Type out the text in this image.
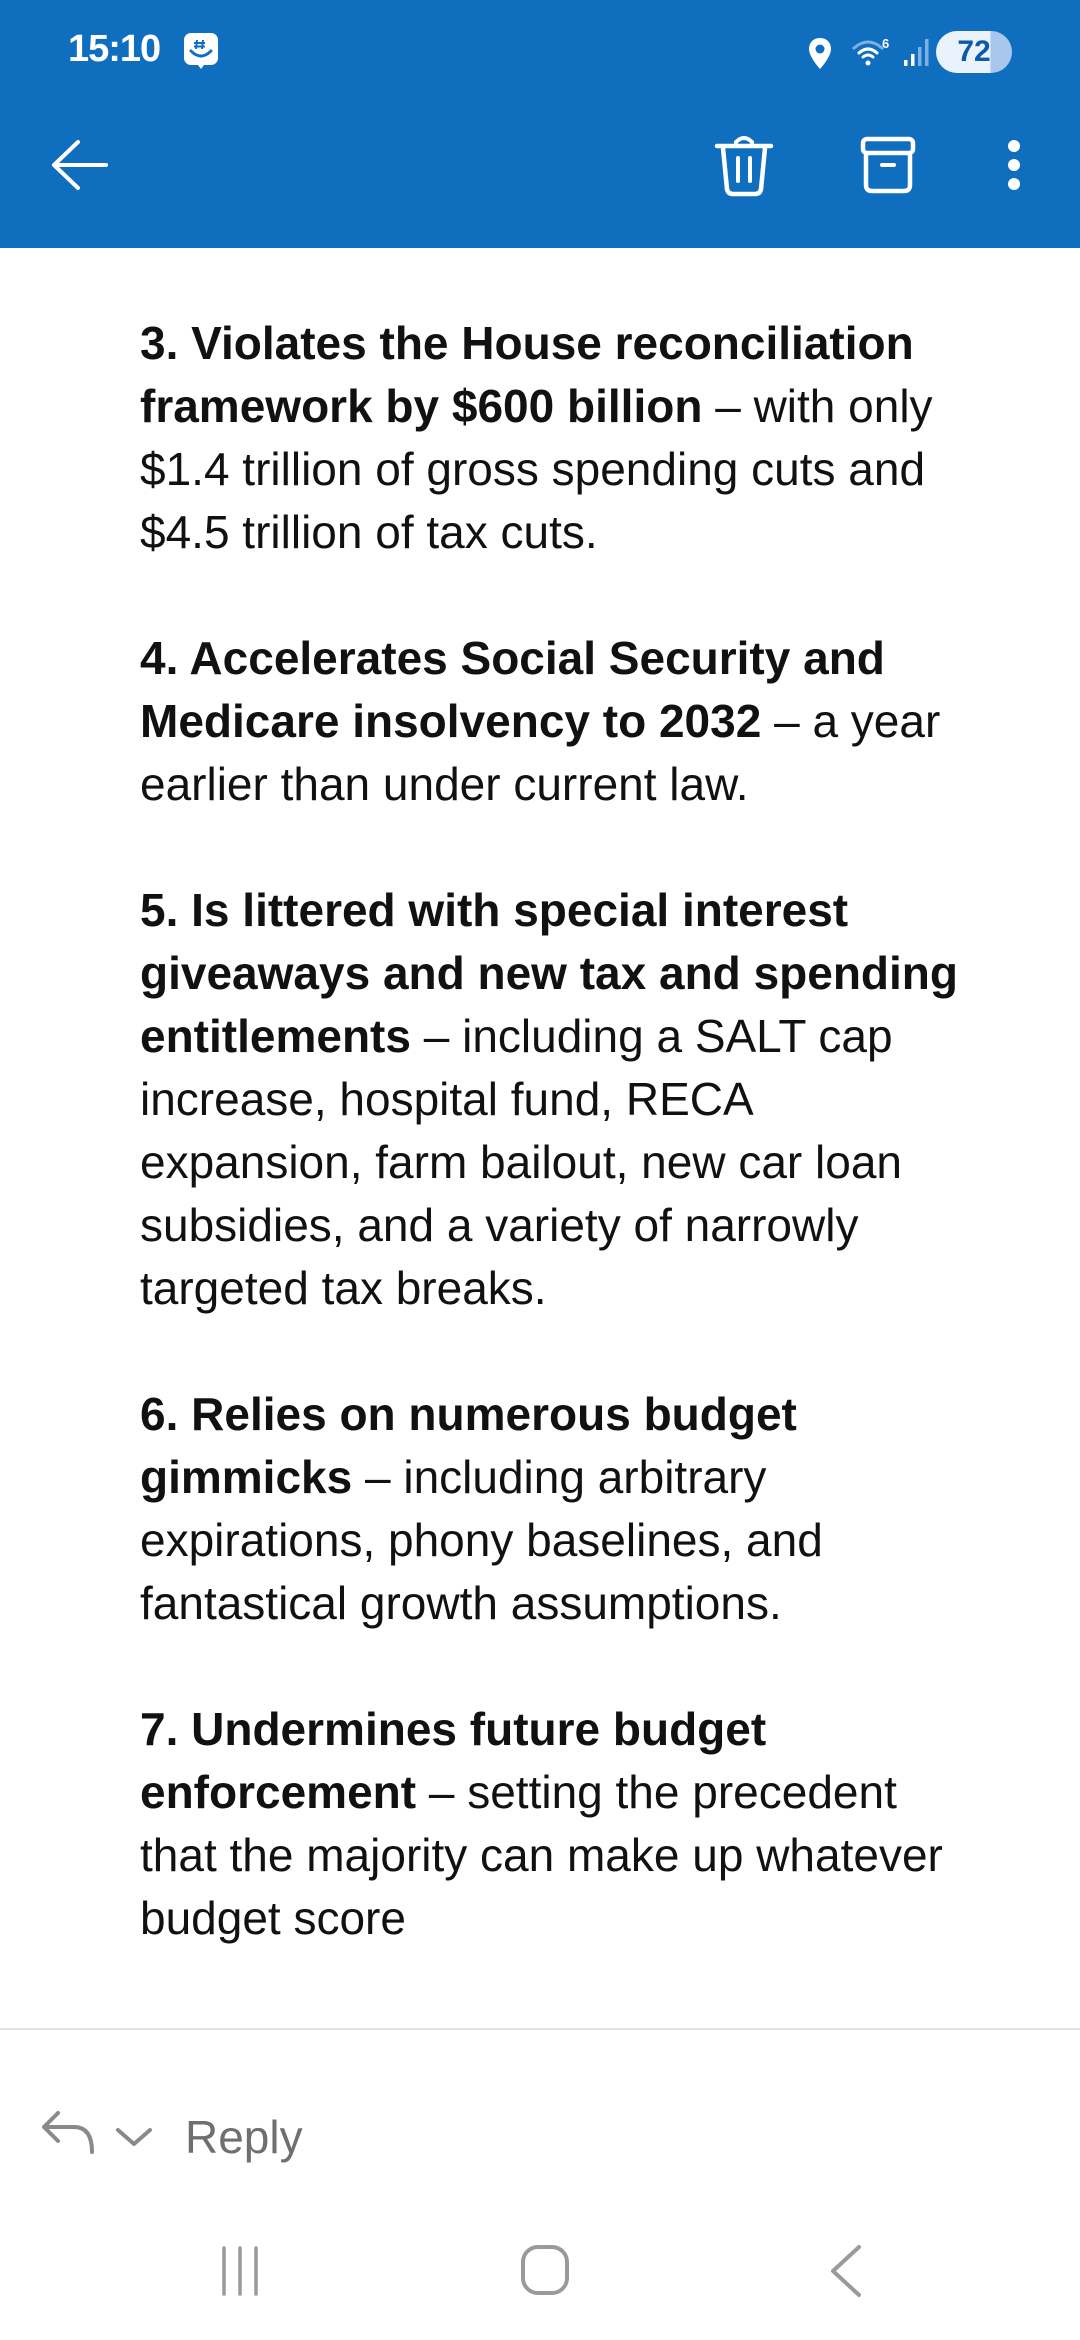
15:10	6	72

3. Violates the House reconciliation framework by $600 billion – with only $1.4 trillion of gross spending cuts and $4.5 trillion of tax cuts.

4. Accelerates Social Security and Medicare insolvency to 2032 – a year earlier than under current law.

5. Is littered with special interest giveaways and new tax and spending entitlements – including a SALT cap increase, hospital fund, RECA expansion, farm bailout, new car loan subsidies, and a variety of narrowly targeted tax breaks.

6. Relies on numerous budget gimmicks – including arbitrary expirations, phony baselines, and fantastical growth assumptions.

7. Undermines future budget enforcement – setting the precedent that the majority can make up whatever budget score

Reply
